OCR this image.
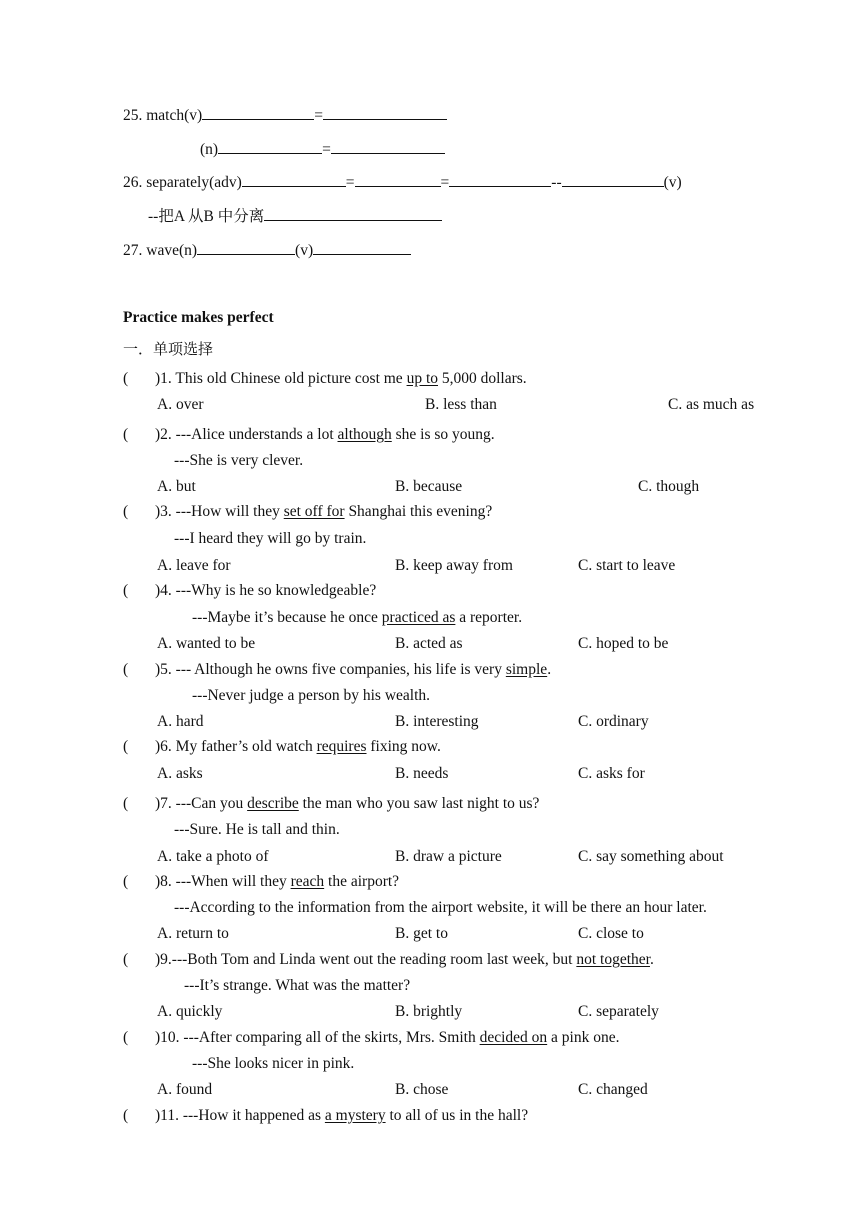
25. match(v)	=
(n)	=
26. separately(adv)	=	=	--	(v)
--把A 从B 中分离
27. wave(n)	(v)
Practice makes perfect
一．单项选择
( )1. This old Chinese old picture cost me up to 5,000 dollars.
A. over	B. less than	C. as much as
( )2. ---Alice understands a lot although she is so young.
---She is very clever.
A. but	B. because	C. though
( )3. ---How will they set off for Shanghai this evening?
---I heard they will go by train.
A. leave for	B. keep away from	C. start to leave
( )4. ---Why is he so knowledgeable?
---Maybe it’s because he once practiced as a reporter.
A. wanted to be	B. acted as	C. hoped to be
( )5. --- Although he owns five companies, his life is very simple.
---Never judge a person by his wealth.
A. hard	B. interesting	C. ordinary
( )6. My father’s old watch requires fixing now.
A. asks	B. needs	C. asks for
( )7. ---Can you describe the man who you saw last night to us?
---Sure. He is tall and thin.
A. take a photo of	B. draw a picture	C. say something about
( )8. ---When will they reach the airport?
---According to the information from the airport website, it will be there an hour later.
A. return to	B. get to	C. close to
( )9.---Both Tom and Linda went out the reading room last week, but not together.
---It’s strange. What was the matter?
A. quickly	B. brightly	C. separately
( )10. ---After comparing all of the skirts, Mrs. Smith decided on a pink one.
---She looks nicer in pink.
A. found	B. chose	C. changed
( )11. ---How it happened as a mystery to all of us in the hall?
